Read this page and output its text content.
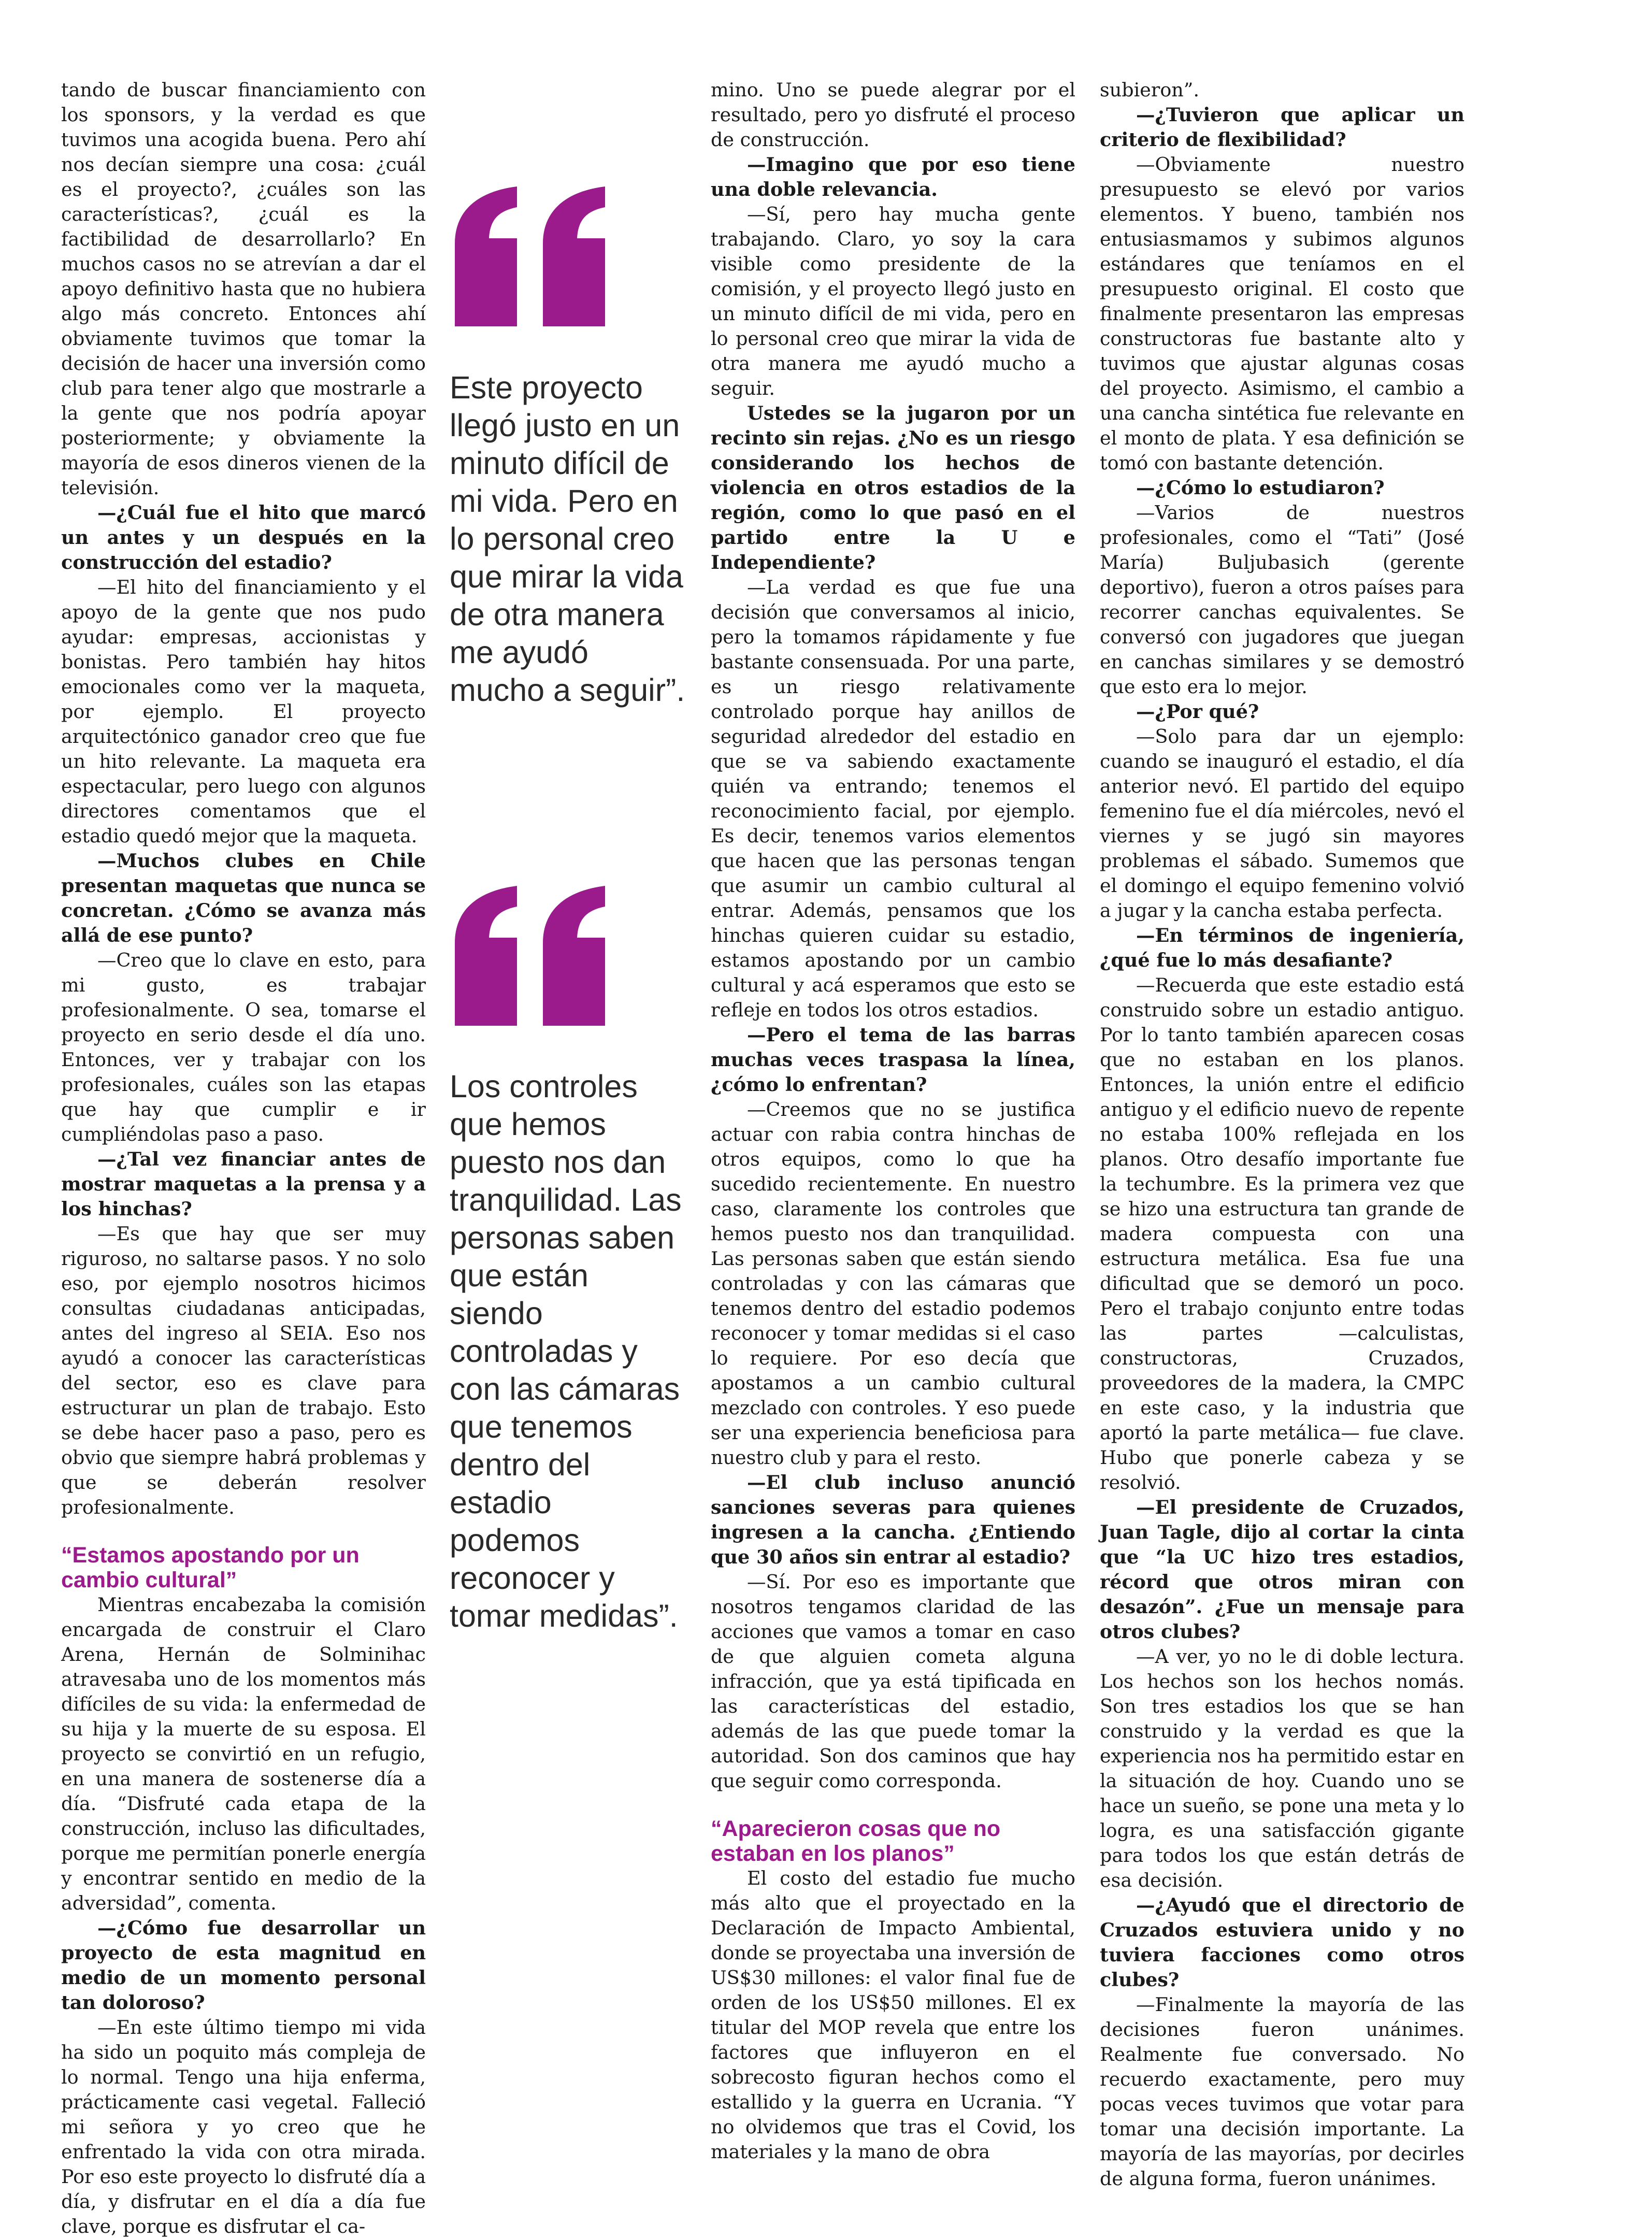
tando de buscar financiamiento con los sponsors, y la verdad es que tuvimos una acogida buena. Pero ahí nos decían siempre una cosa: ¿cuál es el proyecto?, ¿cuáles son las características?, ¿cuál es la factibilidad de desarrollarlo? En muchos casos no se atrevían a dar el apoyo definitivo hasta que no hubiera algo más concreto. Entonces ahí obviamente tuvimos que tomar la decisión de hacer una inversión como club para tener algo que mostrarle a la gente que nos podría apoyar posteriormente; y obviamente la mayoría de esos dineros vienen de la televisión.

—¿Cuál fue el hito que marcó un antes y un después en la construcción del estadio?

—El hito del financiamiento y el apoyo de la gente que nos pudo ayudar: empresas, accionistas y bonistas. Pero también hay hitos emocionales como ver la maqueta, por ejemplo. El proyecto arquitectónico ganador creo que fue un hito relevante. La maqueta era espectacular, pero luego con algunos directores comentamos que el estadio quedó mejor que la maqueta.

—Muchos clubes en Chile presentan maquetas que nunca se concretan. ¿Cómo se avanza más allá de ese punto?

—Creo que lo clave en esto, para mi gusto, es trabajar profesionalmente. O sea, tomarse el proyecto en serio desde el día uno. Entonces, ver y trabajar con los profesionales, cuáles son las etapas que hay que cumplir e ir cumpliéndolas paso a paso.

—¿Tal vez financiar antes de mostrar maquetas a la prensa y a los hinchas?

—Es que hay que ser muy riguroso, no saltarse pasos. Y no solo eso, por ejemplo nosotros hicimos consultas ciudadanas anticipadas, antes del ingreso al SEIA. Eso nos ayudó a conocer las características del sector, eso es clave para estructurar un plan de trabajo. Esto se debe hacer paso a paso, pero es obvio que siempre habrá problemas y que se deberán resolver profesionalmente.

“Estamos apostando por un cambio cultural”

Mientras encabezaba la comisión encargada de construir el Claro Arena, Hernán de Solminihac atravesaba uno de los momentos más difíciles de su vida: la enfermedad de su hija y la muerte de su esposa. El proyecto se convirtió en un refugio, en una manera de sostenerse día a día. “Disfruté cada etapa de la construcción, incluso las dificultades, porque me permitían ponerle energía y encontrar sentido en medio de la adversidad”, comenta.

—¿Cómo fue desarrollar un proyecto de esta magnitud en medio de un momento personal tan doloroso?

—En este último tiempo mi vida ha sido un poquito más compleja de lo normal. Tengo una hija enferma, prácticamente casi vegetal. Falleció mi señora y yo creo que he enfrentado la vida con otra mirada. Por eso este proyecto lo disfruté día a día, y disfrutar en el día a día fue clave, porque es disfrutar el ca-

Este proyecto llegó justo en un minuto difícil de mi vida. Pero en lo personal creo que mirar la vida de otra manera me ayudó mucho a seguir”.

Los controles que hemos puesto nos dan tranquilidad. Las personas saben que están siendo controladas y con las cámaras que tenemos dentro del estadio podemos reconocer y tomar medidas”.

mino. Uno se puede alegrar por el resultado, pero yo disfruté el proceso de construcción.

—Imagino que por eso tiene una doble relevancia.

—Sí, pero hay mucha gente trabajando. Claro, yo soy la cara visible como presidente de la comisión, y el proyecto llegó justo en un minuto difícil de mi vida, pero en lo personal creo que mirar la vida de otra manera me ayudó mucho a seguir.

Ustedes se la jugaron por un recinto sin rejas. ¿No es un riesgo considerando los hechos de violencia en otros estadios de la región, como lo que pasó en el partido entre la U e Independiente?

—La verdad es que fue una decisión que conversamos al inicio, pero la tomamos rápidamente y fue bastante consensuada. Por una parte, es un riesgo relativamente controlado porque hay anillos de seguridad alrededor del estadio en que se va sabiendo exactamente quién va entrando; tenemos el reconocimiento facial, por ejemplo. Es decir, tenemos varios elementos que hacen que las personas tengan que asumir un cambio cultural al entrar. Además, pensamos que los hinchas quieren cuidar su estadio, estamos apostando por un cambio cultural y acá esperamos que esto se refleje en todos los otros estadios.

—Pero el tema de las barras muchas veces traspasa la línea, ¿cómo lo enfrentan?

—Creemos que no se justifica actuar con rabia contra hinchas de otros equipos, como lo que ha sucedido recientemente. En nuestro caso, claramente los controles que hemos puesto nos dan tranquilidad. Las personas saben que están siendo controladas y con las cámaras que tenemos dentro del estadio podemos reconocer y tomar medidas si el caso lo requiere. Por eso decía que apostamos a un cambio cultural mezclado con controles. Y eso puede ser una experiencia beneficiosa para nuestro club y para el resto.

—El club incluso anunció sanciones severas para quienes ingresen a la cancha. ¿Entiendo que 30 años sin entrar al estadio?

—Sí. Por eso es importante que nosotros tengamos claridad de las acciones que vamos a tomar en caso de que alguien cometa alguna infracción, que ya está tipificada en las características del estadio, además de las que puede tomar la autoridad. Son dos caminos que hay que seguir como corresponda.

“Aparecieron cosas que no estaban en los planos”

El costo del estadio fue mucho más alto que el proyectado en la Declaración de Impacto Ambiental, donde se proyectaba una inversión de US$30 millones: el valor final fue de orden de los US$50 millones. El ex titular del MOP revela que entre los factores que influyeron en el sobrecosto figuran hechos como el estallido y la guerra en Ucrania. “Y no olvidemos que tras el Covid, los materiales y la mano de obra

subieron”.

—¿Tuvieron que aplicar un criterio de flexibilidad?

—Obviamente nuestro presupuesto se elevó por varios elementos. Y bueno, también nos entusiasmamos y subimos algunos estándares que teníamos en el presupuesto original. El costo que finalmente presentaron las empresas constructoras fue bastante alto y tuvimos que ajustar algunas cosas del proyecto. Asimismo, el cambio a una cancha sintética fue relevante en el monto de plata. Y esa definición se tomó con bastante detención.

—¿Cómo lo estudiaron?

—Varios de nuestros profesionales, como el “Tati” (José María) Buljubasich (gerente deportivo), fueron a otros países para recorrer canchas equivalentes. Se conversó con jugadores que juegan en canchas similares y se demostró que esto era lo mejor.

—¿Por qué?

—Solo para dar un ejemplo: cuando se inauguró el estadio, el día anterior nevó. El partido del equipo femenino fue el día miércoles, nevó el viernes y se jugó sin mayores problemas el sábado. Sumemos que el domingo el equipo femenino volvió a jugar y la cancha estaba perfecta.

—En términos de ingeniería, ¿qué fue lo más desafiante?

—Recuerda que este estadio está construido sobre un estadio antiguo. Por lo tanto también aparecen cosas que no estaban en los planos. Entonces, la unión entre el edificio antiguo y el edificio nuevo de repente no estaba 100% reflejada en los planos. Otro desafío importante fue la techumbre. Es la primera vez que se hizo una estructura tan grande de madera compuesta con una estructura metálica. Esa fue una dificultad que se demoró un poco. Pero el trabajo conjunto entre todas las partes —calculistas, constructoras, Cruzados, proveedores de la madera, la CMPC en este caso, y la industria que aportó la parte metálica— fue clave. Hubo que ponerle cabeza y se resolvió.

—El presidente de Cruzados, Juan Tagle, dijo al cortar la cinta que “la UC hizo tres estadios, récord que otros miran con desazón”. ¿Fue un mensaje para otros clubes?

—A ver, yo no le di doble lectura. Los hechos son los hechos nomás. Son tres estadios los que se han construido y la verdad es que la experiencia nos ha permitido estar en la situación de hoy. Cuando uno se hace un sueño, se pone una meta y lo logra, es una satisfacción gigante para todos los que están detrás de esa decisión.

—¿Ayudó que el directorio de Cruzados estuviera unido y no tuviera facciones como otros clubes?

—Finalmente la mayoría de las decisiones fueron unánimes. Realmente fue conversado. No recuerdo exactamente, pero muy pocas veces tuvimos que votar para tomar una decisión importante. La mayoría de las mayorías, por decirles de alguna forma, fueron unánimes.
